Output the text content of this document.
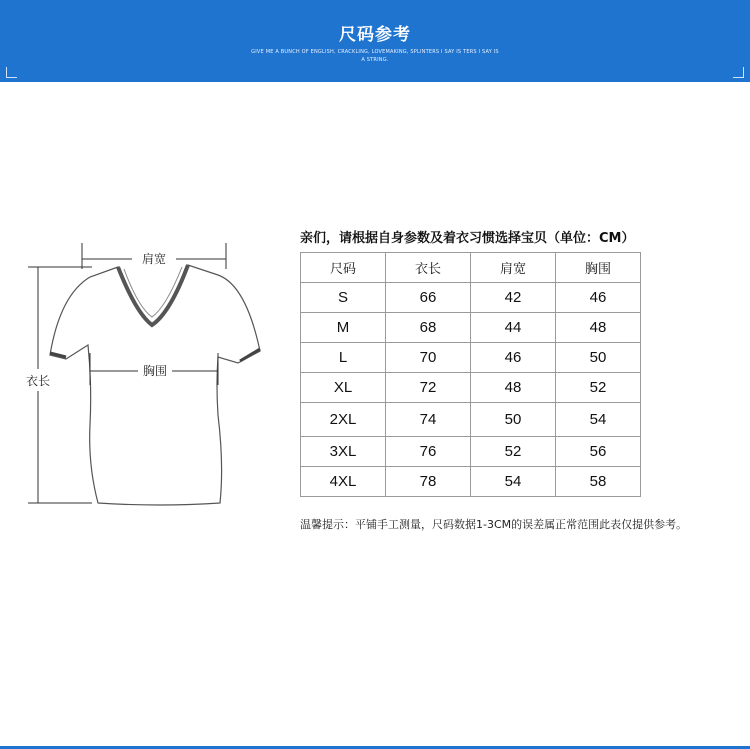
尺码参考
GIVE ME A BUNCH OF ENGLISH, CRACKLING, LOVEMAKING, SPLINTERS I SAY IS TERS I SAY IS A STRING.
肩宽
胸围
衣长
亲们，请根据自身参数及着衣习惯选择宝贝（单位：CM）
尺码	衣长	肩宽	胸围
S	66	42	46
M	68	44	48
L	70	46	50
XL	72	48	52
2XL	74	50	54
3XL	76	52	56
4XL	78	54	58
温馨提示：平铺手工测量，尺码数据1-3CM的误差属正常范围此表仅提供参考。
